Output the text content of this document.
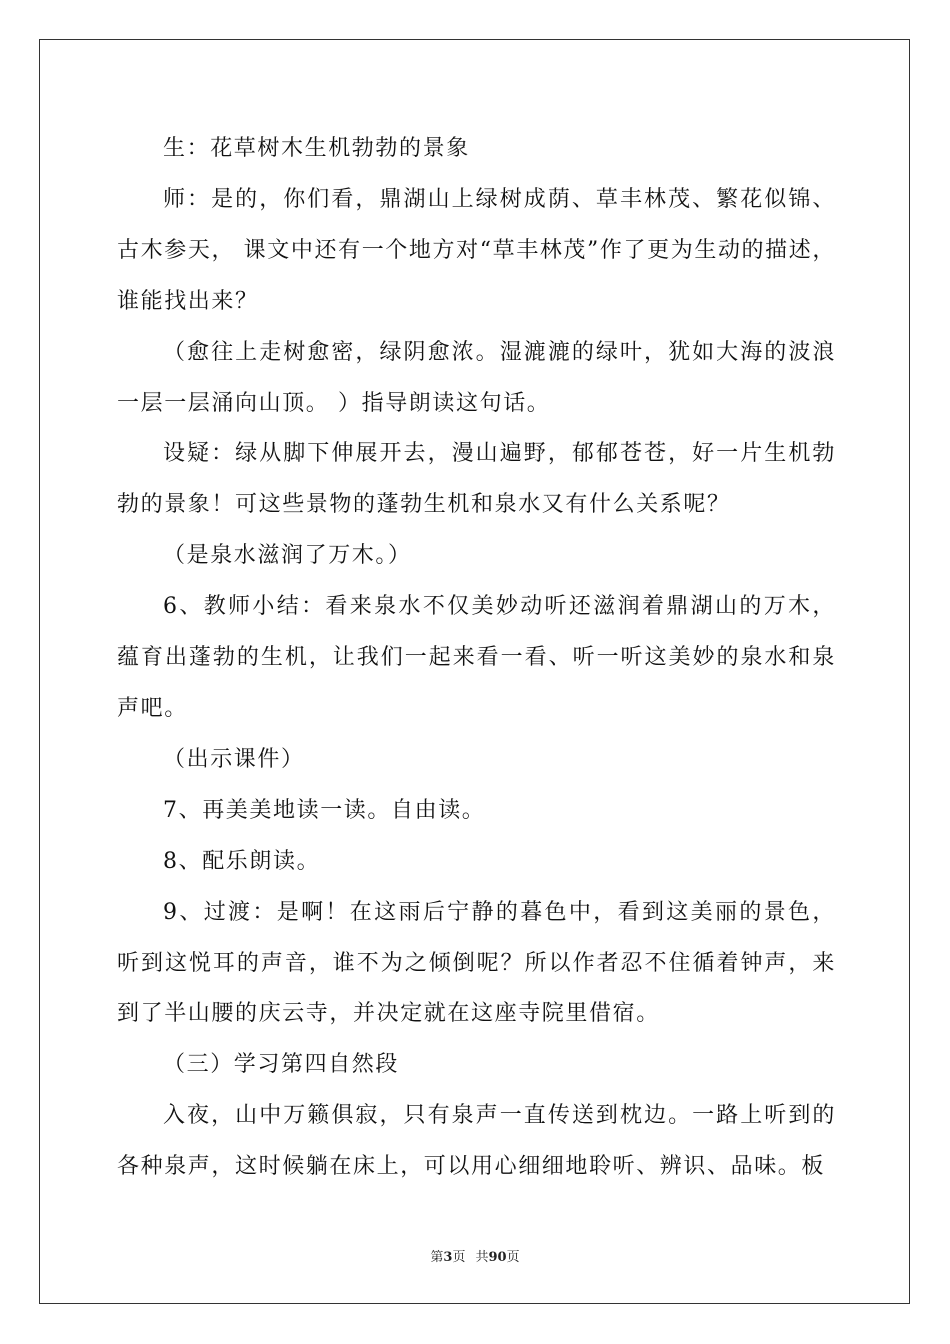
生：花草树木生机勃勃的景象

师：是的，你们看，鼎湖山上绿树成荫、草丰林茂、繁花似锦、古木参天， 课文中还有一个地方对“草丰林茂”作了更为生动的描述，谁能找出来？

（愈往上走树愈密，绿阴愈浓。湿漉漉的绿叶，犹如大海的波浪一层一层涌向山顶。 ）指导朗读这句话。

设疑：绿从脚下伸展开去，漫山遍野，郁郁苍苍，好一片生机勃勃的景象！可这些景物的蓬勃生机和泉水又有什么关系呢？

（是泉水滋润了万木。）

6、教师小结：看来泉水不仅美妙动听还滋润着鼎湖山的万木，蕴育出蓬勃的生机，让我们一起来看一看、听一听这美妙的泉水和泉声吧。

（出示课件）

7、再美美地读一读。自由读。

8、配乐朗读。

9、过渡：是啊！在这雨后宁静的暮色中，看到这美丽的景色，听到这悦耳的声音，谁不为之倾倒呢？所以作者忍不住循着钟声，来到了半山腰的庆云寺，并决定就在这座寺院里借宿。

（三）学习第四自然段

入夜，山中万籁俱寂，只有泉声一直传送到枕边。一路上听到的各种泉声，这时候躺在床上，可以用心细细地聆听、辨识、品味。板

第3页 共90页
